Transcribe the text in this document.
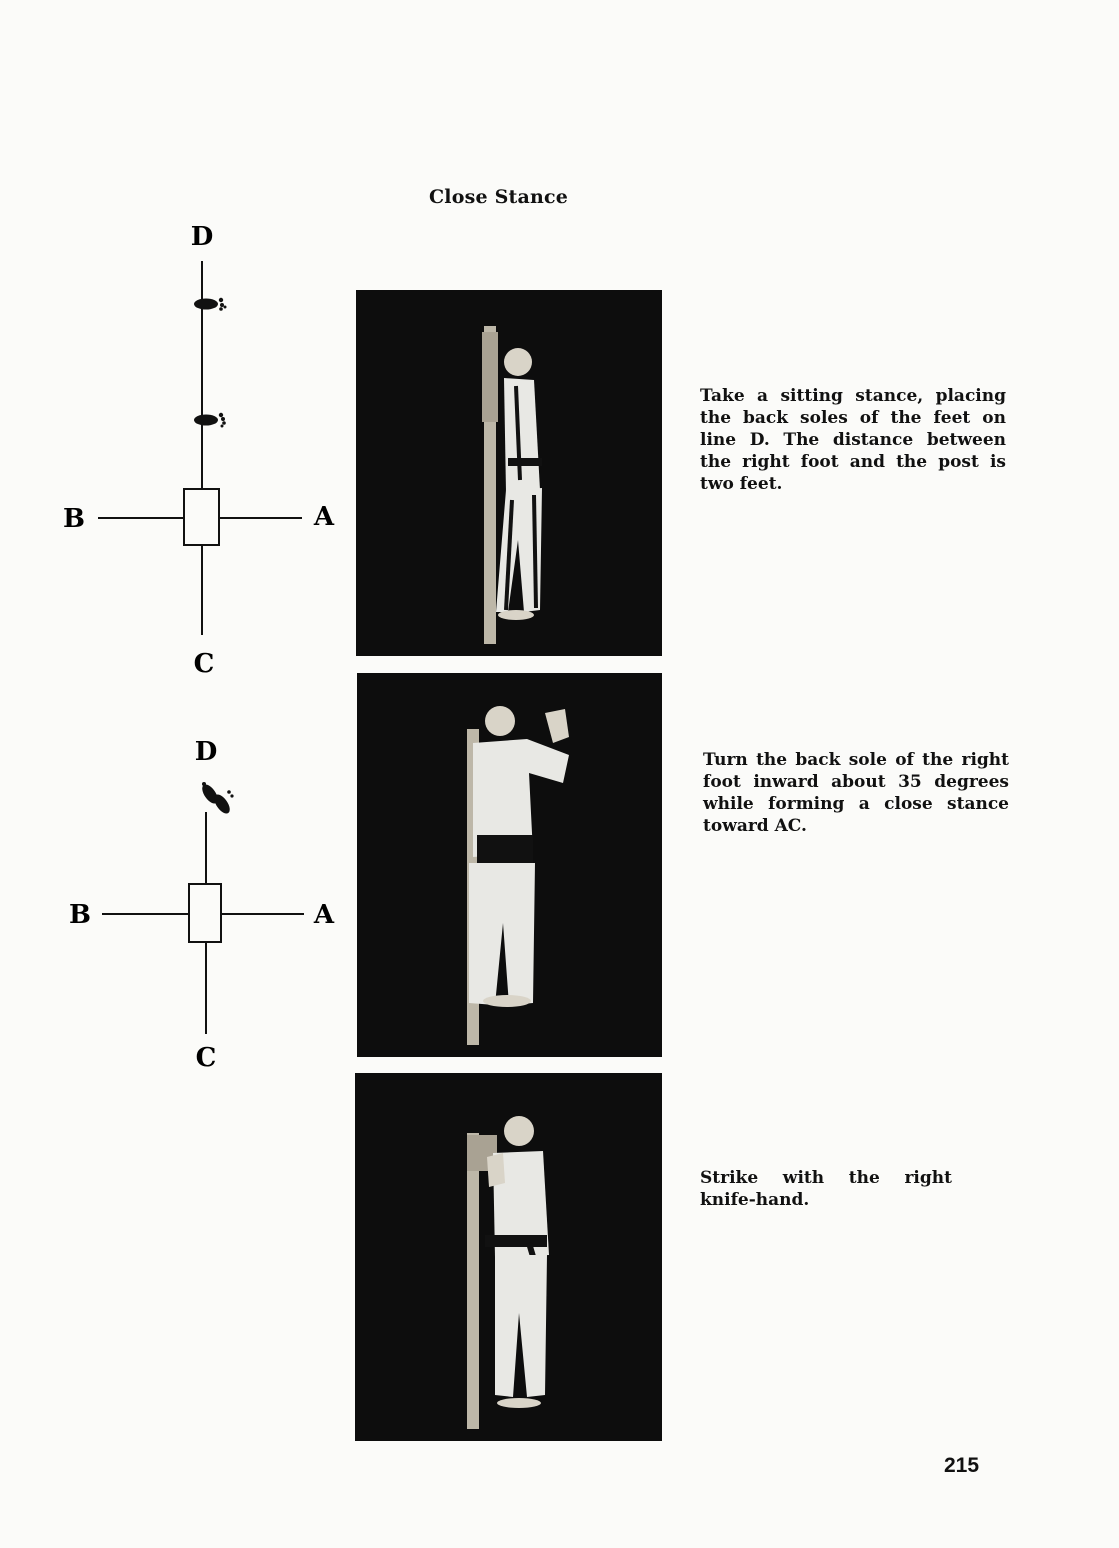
Close Stance
D
B	A
C
D
B	A
C
Take a sitting stance, placing the back soles of the feet on line D. The distance between the right foot and the post is two feet.
Turn the back sole of the right foot inward about 35 degrees while forming a close stance toward AC.
Strike with the right knife-hand.
215
